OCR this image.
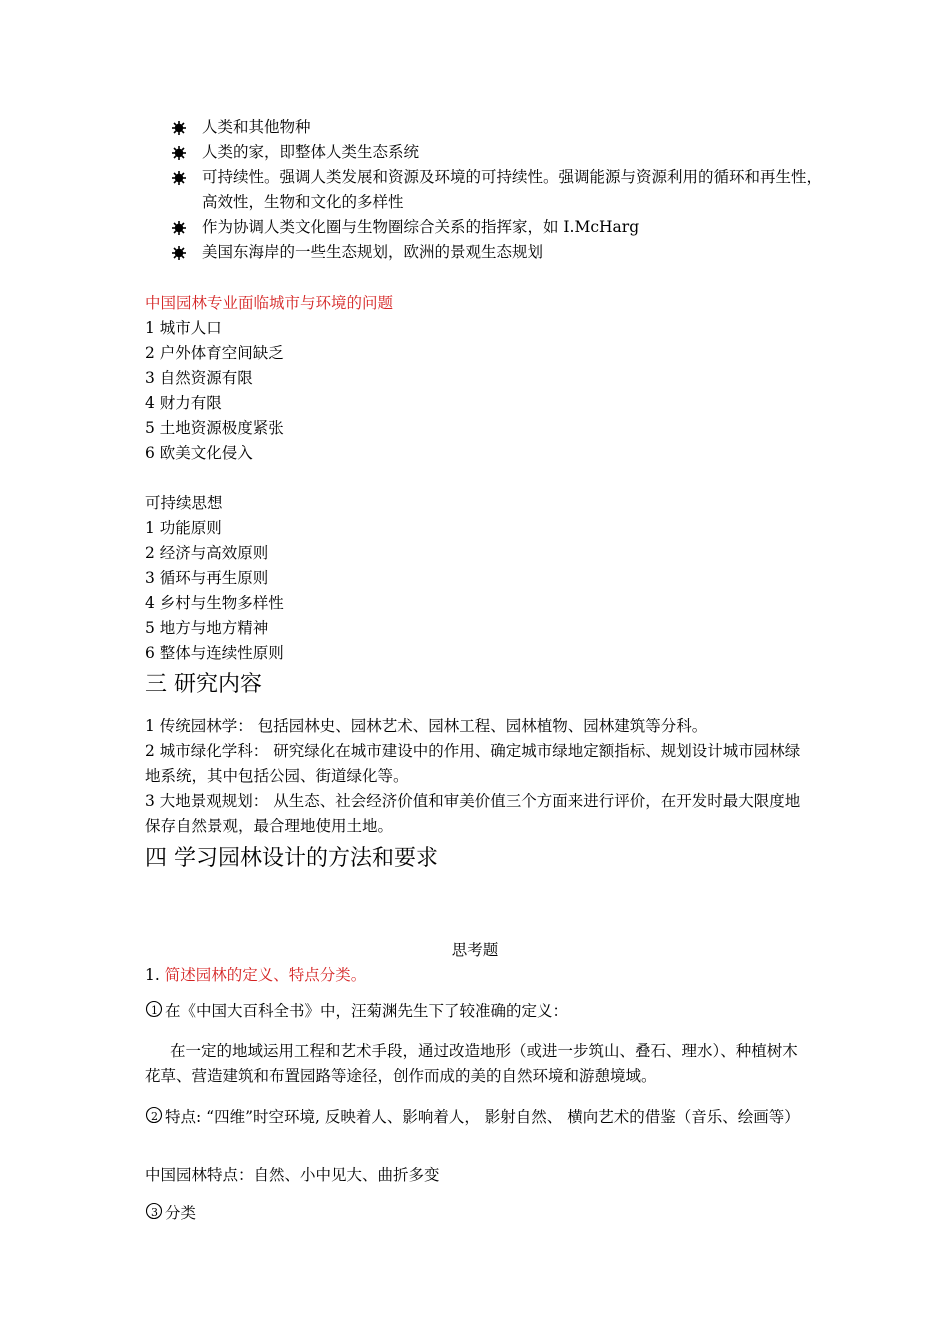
人类和其他物种
人类的家，即整体人类生态系统
可持续性。强调人类发展和资源及环境的可持续性。强调能源与资源利用的循环和再生性，高效性，生物和文化的多样性
作为协调人类文化圈与生物圈综合关系的指挥家，如 I.McHarg
美国东海岸的一些生态规划，欧洲的景观生态规划
中国园林专业面临城市与环境的问题
1 城市人口
2 户外体育空间缺乏
3 自然资源有限
4 财力有限
5 土地资源极度紧张
6 欧美文化侵入
可持续思想
1 功能原则
2 经济与高效原则
3 循环与再生原则
4 乡村与生物多样性
5 地方与地方精神
6 整体与连续性原则
三 研究内容
1 传统园林学： 包括园林史、园林艺术、园林工程、园林植物、园林建筑等分科。
2 城市绿化学科： 研究绿化在城市建设中的作用、确定城市绿地定额指标、规划设计城市园林绿地系统，其中包括公园、街道绿化等。
3 大地景观规划： 从生态、社会经济价值和审美价值三个方面来进行评价，在开发时最大限度地保存自然景观，最合理地使用土地。
四 学习园林设计的方法和要求
思考题
1. 简述园林的定义、特点分类。
1 在《中国大百科全书》中，汪菊渊先生下了较准确的定义：
在一定的地域运用工程和艺术手段，通过改造地形（或进一步筑山、叠石、理水）、种植树木花草、营造建筑和布置园路等途径，创作而成的美的自然环境和游憩境域。
2 特点: “四维”时空环境, 反映着人、影响着人， 影射自然、 横向艺术的借鉴（音乐、绘画等）
中国园林特点：自然、小中见大、曲折多变
3 分类
